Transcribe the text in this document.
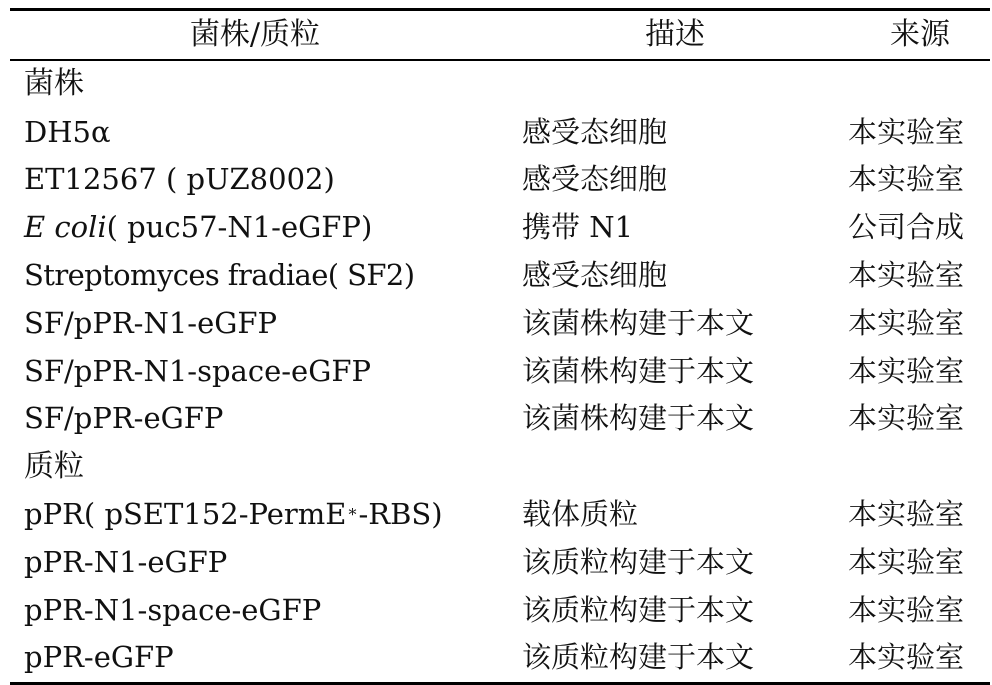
菌株/质粒	描述	来源
菌株
DH5α	感受态细胞	本实验室
ET12567 ( pUZ8002)	感受态细胞	本实验室
E coli ( puc57-N1-eGFP)	携带 N1	公司合成
Streptomyces fradiae( SF2)	感受态细胞	本实验室
SF/pPR-N1-eGFP	该菌株构建于本文	本实验室
SF/pPR-N1-space-eGFP	该菌株构建于本文	本实验室
SF/pPR-eGFP	该菌株构建于本文	本实验室
质粒
pPR( pSET152-PermE * -RBS)	载体质粒	本实验室
pPR-N1-eGFP	该质粒构建于本文	本实验室
pPR-N1-space-eGFP	该质粒构建于本文	本实验室
pPR-eGFP	该质粒构建于本文	本实验室
